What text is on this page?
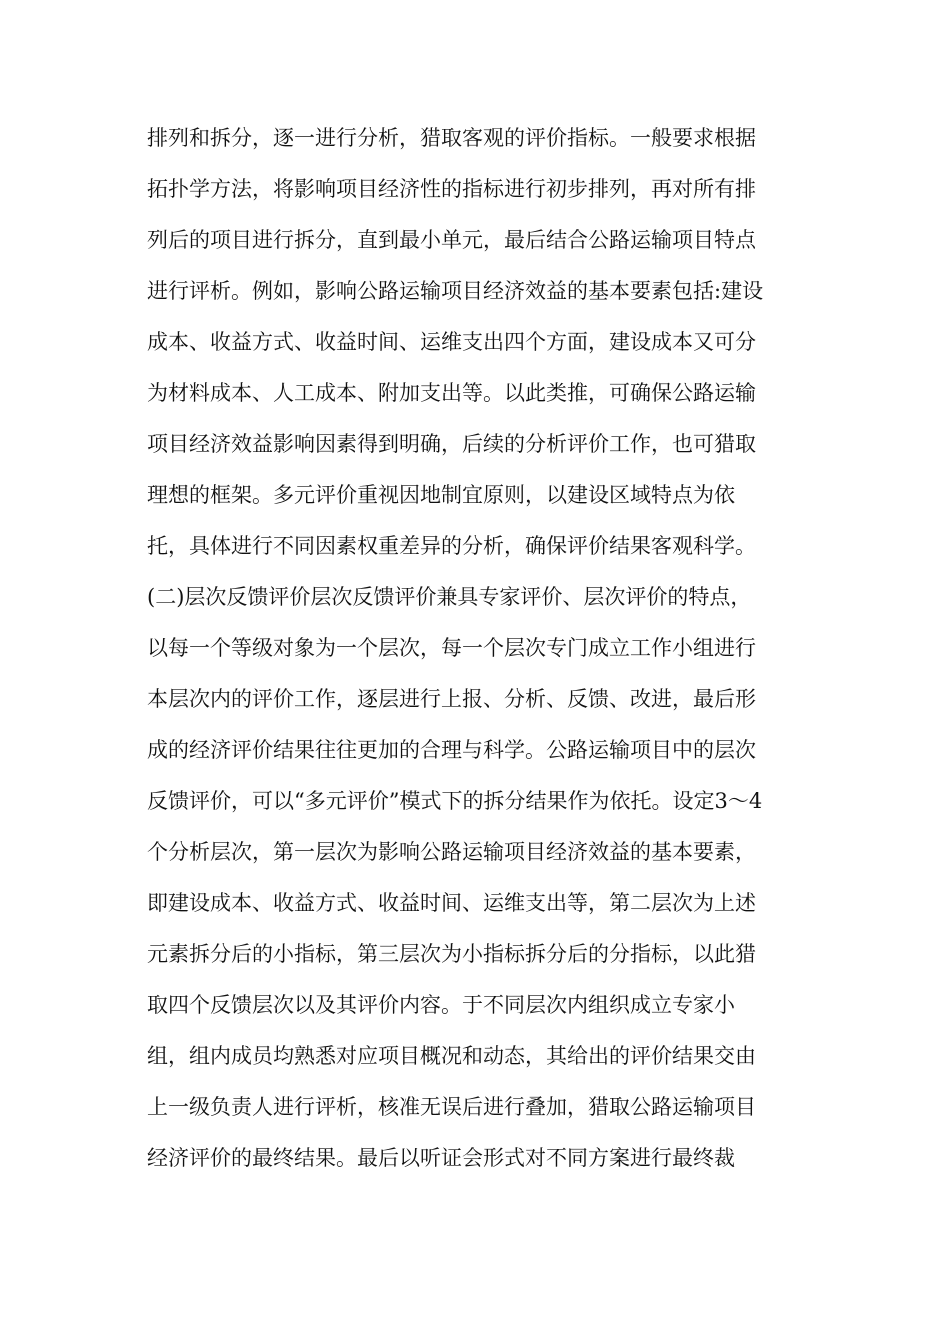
排列和拆分，逐一进行分析，猎取客观的评价指标。一般要求根据
拓扑学方法，将影响项目经济性的指标进行初步排列，再对所有排
列后的项目进行拆分，直到最小单元，最后结合公路运输项目特点
进行评析。例如，影响公路运输项目经济效益的基本要素包括:建设
成本、收益方式、收益时间、运维支出四个方面，建设成本又可分
为材料成本、人工成本、附加支出等。以此类推，可确保公路运输
项目经济效益影响因素得到明确，后续的分析评价工作，也可猎取
理想的框架。多元评价重视因地制宜原则，以建设区域特点为依
托，具体进行不同因素权重差异的分析，确保评价结果客观科学。
(二)层次反馈评价层次反馈评价兼具专家评价、层次评价的特点，
以每一个等级对象为一个层次，每一个层次专门成立工作小组进行
本层次内的评价工作，逐层进行上报、分析、反馈、改进，最后形
成的经济评价结果往往更加的合理与科学。公路运输项目中的层次
反馈评价，可以“多元评价”模式下的拆分结果作为依托。设定3～4
个分析层次，第一层次为影响公路运输项目经济效益的基本要素，
即建设成本、收益方式、收益时间、运维支出等，第二层次为上述
元素拆分后的小指标，第三层次为小指标拆分后的分指标，以此猎
取四个反馈层次以及其评价内容。于不同层次内组织成立专家小
组，组内成员均熟悉对应项目概况和动态，其给出的评价结果交由
上一级负责人进行评析，核准无误后进行叠加，猎取公路运输项目
经济评价的最终结果。最后以听证会形式对不同方案进行最终裁
